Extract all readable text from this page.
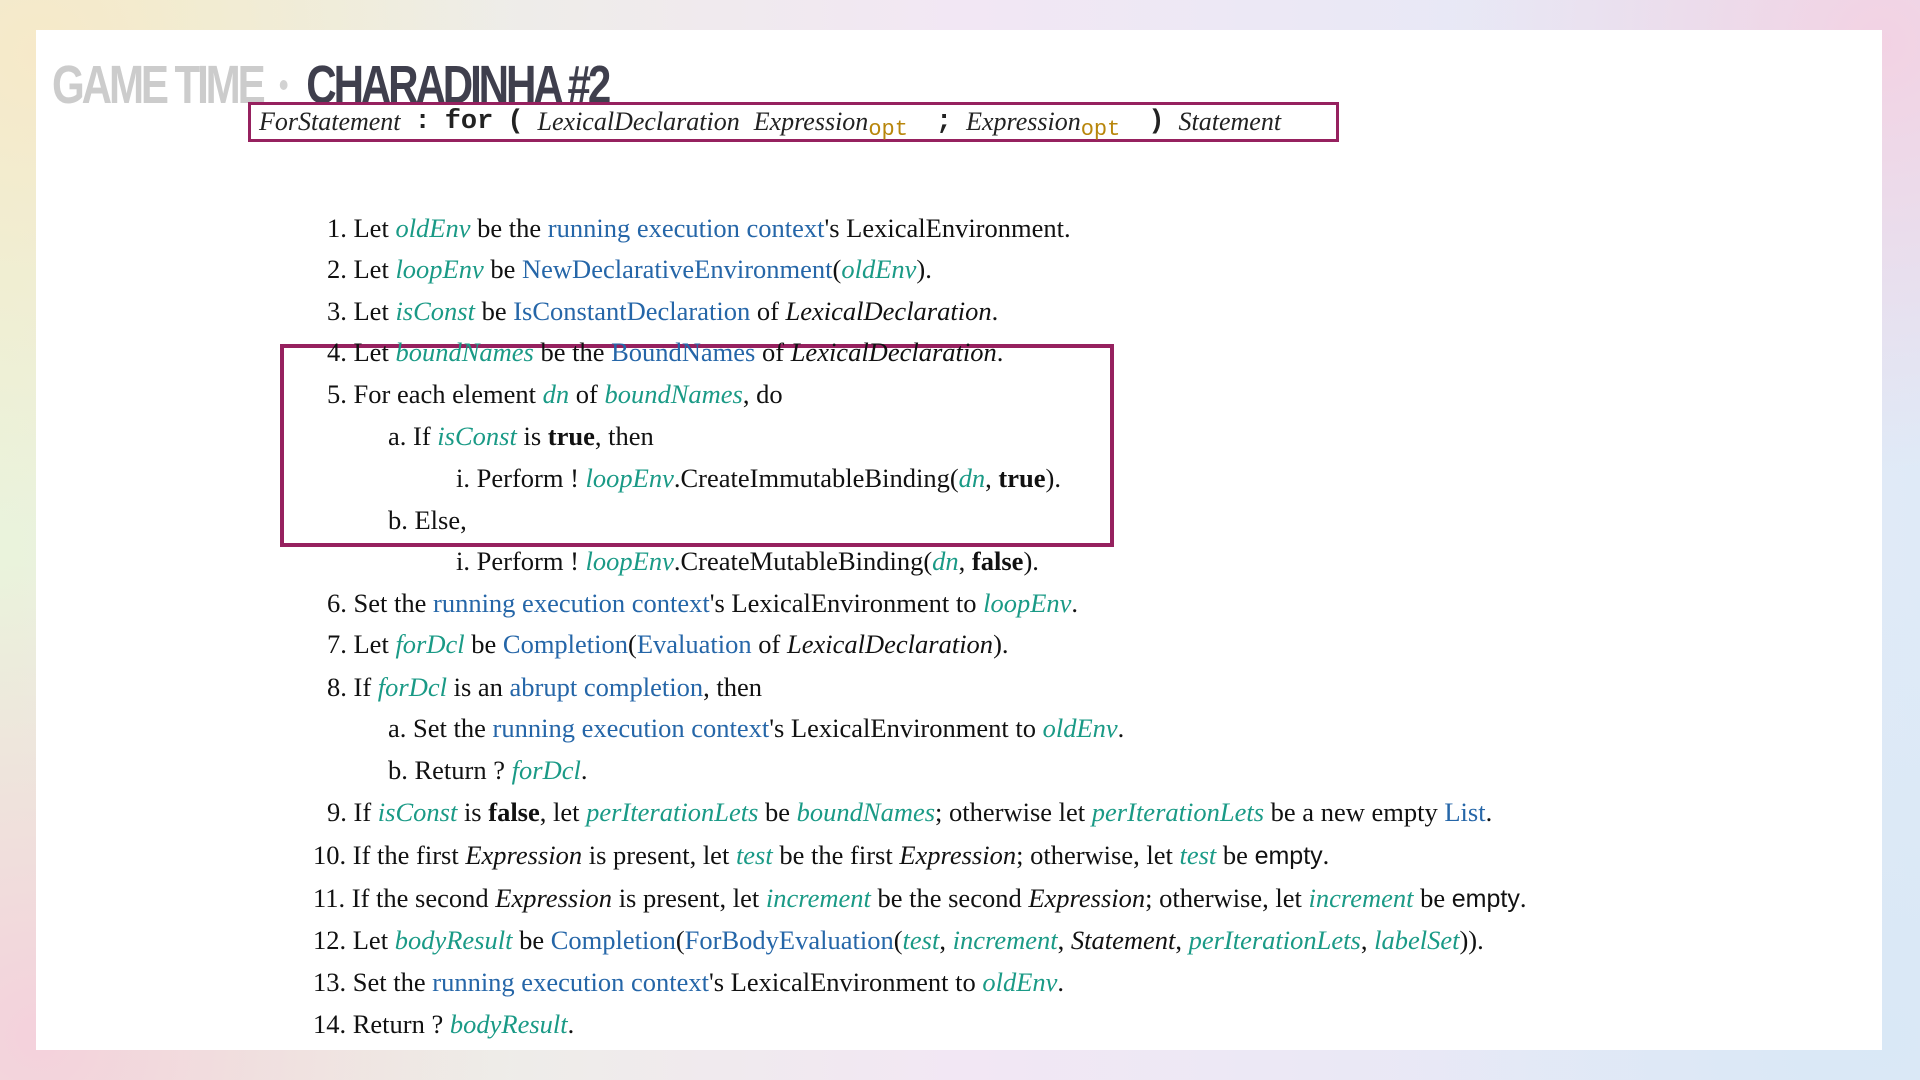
GAME TIME CHARADINHA #2
ForStatement : for ( LexicalDeclaration Expression opt ; Expression opt ) Statement
1. Let oldEnv be the running execution context's LexicalEnvironment.
2. Let loopEnv be NewDeclarativeEnvironment(oldEnv).
3. Let isConst be IsConstantDeclaration of LexicalDeclaration.
4. Let boundNames be the BoundNames of LexicalDeclaration.
5. For each element dn of boundNames, do
a. If isConst is true, then
i. Perform ! loopEnv.CreateImmutableBinding(dn, true).
b. Else,
i. Perform ! loopEnv.CreateMutableBinding(dn, false).
6. Set the running execution context's LexicalEnvironment to loopEnv.
7. Let forDcl be Completion(Evaluation of LexicalDeclaration).
8. If forDcl is an abrupt completion, then
a. Set the running execution context's LexicalEnvironment to oldEnv.
b. Return ? forDcl.
9. If isConst is false, let perIterationLets be boundNames; otherwise let perIterationLets be a new empty List.
10. If the first Expression is present, let test be the first Expression; otherwise, let test be empty.
11. If the second Expression is present, let increment be the second Expression; otherwise, let increment be empty.
12. Let bodyResult be Completion(ForBodyEvaluation(test, increment, Statement, perIterationLets, labelSet)).
13. Set the running execution context's LexicalEnvironment to oldEnv.
14. Return ? bodyResult.
